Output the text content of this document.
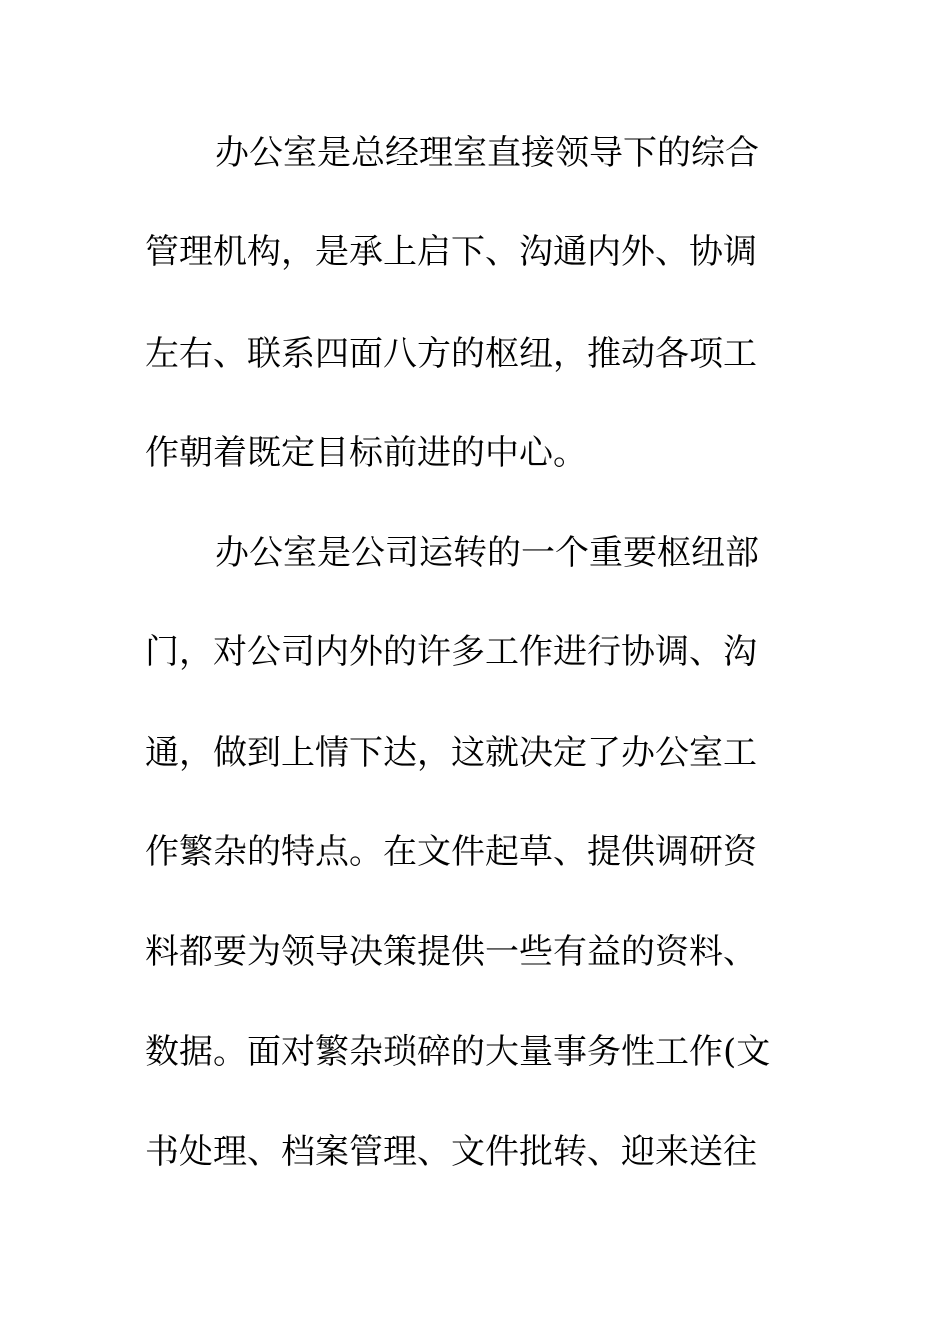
办公室是总经理室直接领导下的综合
管理机构，是承上启下、沟通内外、协调
左右、联系四面八方的枢纽，推动各项工
作朝着既定目标前进的中心。
办公室是公司运转的一个重要枢纽部
门，对公司内外的许多工作进行协调、沟
通，做到上情下达，这就决定了办公室工
作繁杂的特点。在文件起草、提供调研资
料都要为领导决策提供一些有益的资料、
数据。面对繁杂琐碎的大量事务性工作(文
书处理、档案管理、文件批转、迎来送往
